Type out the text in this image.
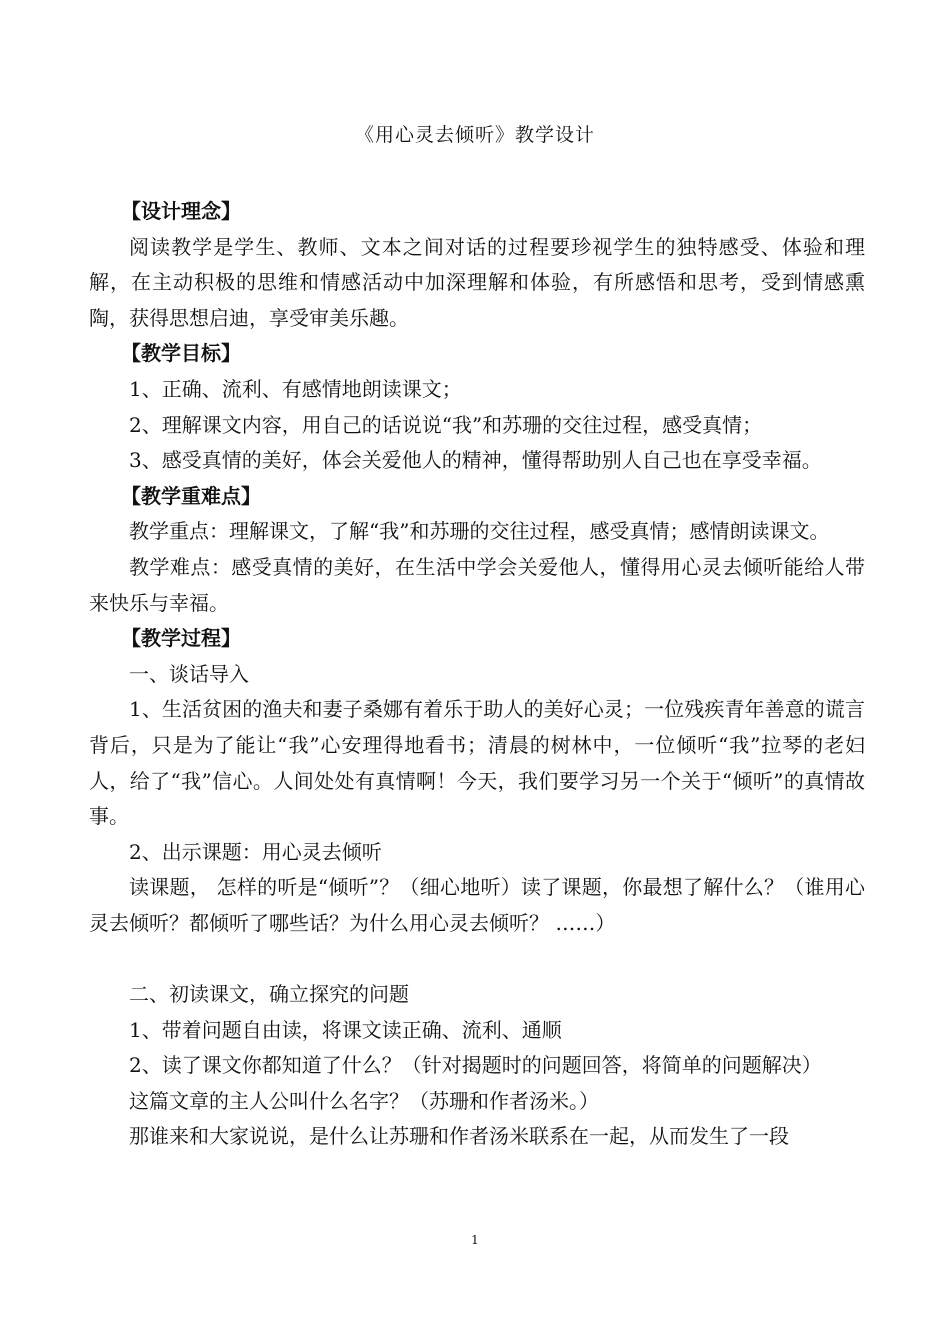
《用心灵去倾听》教学设计

【设计理念】

阅读教学是学生、教师、文本之间对话的过程要珍视学生的独特感受、体验和理解，在主动积极的思维和情感活动中加深理解和体验，有所感悟和思考，受到情感熏陶，获得思想启迪，享受审美乐趣。

【教学目标】

1、正确、流利、有感情地朗读课文；

2、理解课文内容，用自己的话说说“我”和苏珊的交往过程，感受真情；

3、感受真情的美好，体会关爱他人的精神，懂得帮助别人自己也在享受幸福。

【教学重难点】

教学重点：理解课文，了解“我”和苏珊的交往过程，感受真情；感情朗读课文。

教学难点：感受真情的美好，在生活中学会关爱他人，懂得用心灵去倾听能给人带来快乐与幸福。

【教学过程】

一、谈话导入

1、生活贫困的渔夫和妻子桑娜有着乐于助人的美好心灵；一位残疾青年善意的谎言背后，只是为了能让“我”心安理得地看书；清晨的树林中，一位倾听“我”拉琴的老妇人，给了“我”信心。人间处处有真情啊！今天，我们要学习另一个关于“倾听”的真情故事。

2、出示课题：用心灵去倾听

读课题， 怎样的听是“倾听”？（细心地听）读了课题，你最想了解什么？（谁用心灵去倾听？都倾听了哪些话？为什么用心灵去倾听？ ……）

二、初读课文，确立探究的问题

1、带着问题自由读，将课文读正确、流利、通顺

2、读了课文你都知道了什么？（针对揭题时的问题回答，将简单的问题解决）

这篇文章的主人公叫什么名字？（苏珊和作者汤米。）

那谁来和大家说说，是什么让苏珊和作者汤米联系在一起，从而发生了一段

1
